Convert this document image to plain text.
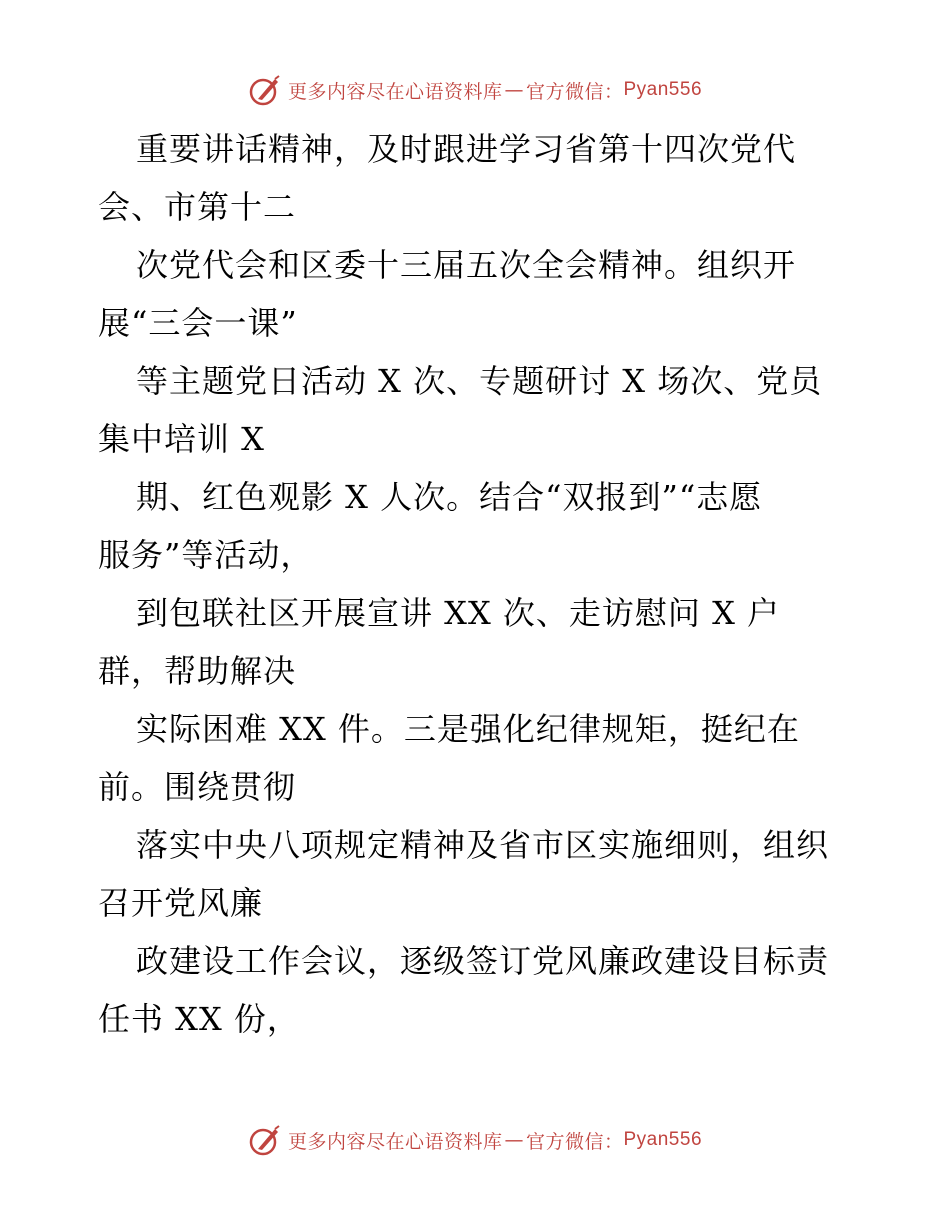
更多内容尽在心语资料库 — 官方微信： Pyan556
重要讲话精神，及时跟进学习省第十四次党代
会、市第十二
次党代会和区委十三届五次全会精神。组织开
展“三会一课”
等主题党日活动 X 次、专题研讨 X 场次、党员
集中培训 X
期、红色观影 X 人次。结合“双报到”“志愿
服务”等活动，
到包联社区开展宣讲 XX 次、走访慰问 X 户
群，帮助解决
实际困难 XX 件。三是强化纪律规矩，挺纪在
前。围绕贯彻
落实中央八项规定精神及省市区实施细则，组织
召开党风廉
政建设工作会议，逐级签订党风廉政建设目标责
任书 XX 份，
更多内容尽在心语资料库 — 官方微信： Pyan556
